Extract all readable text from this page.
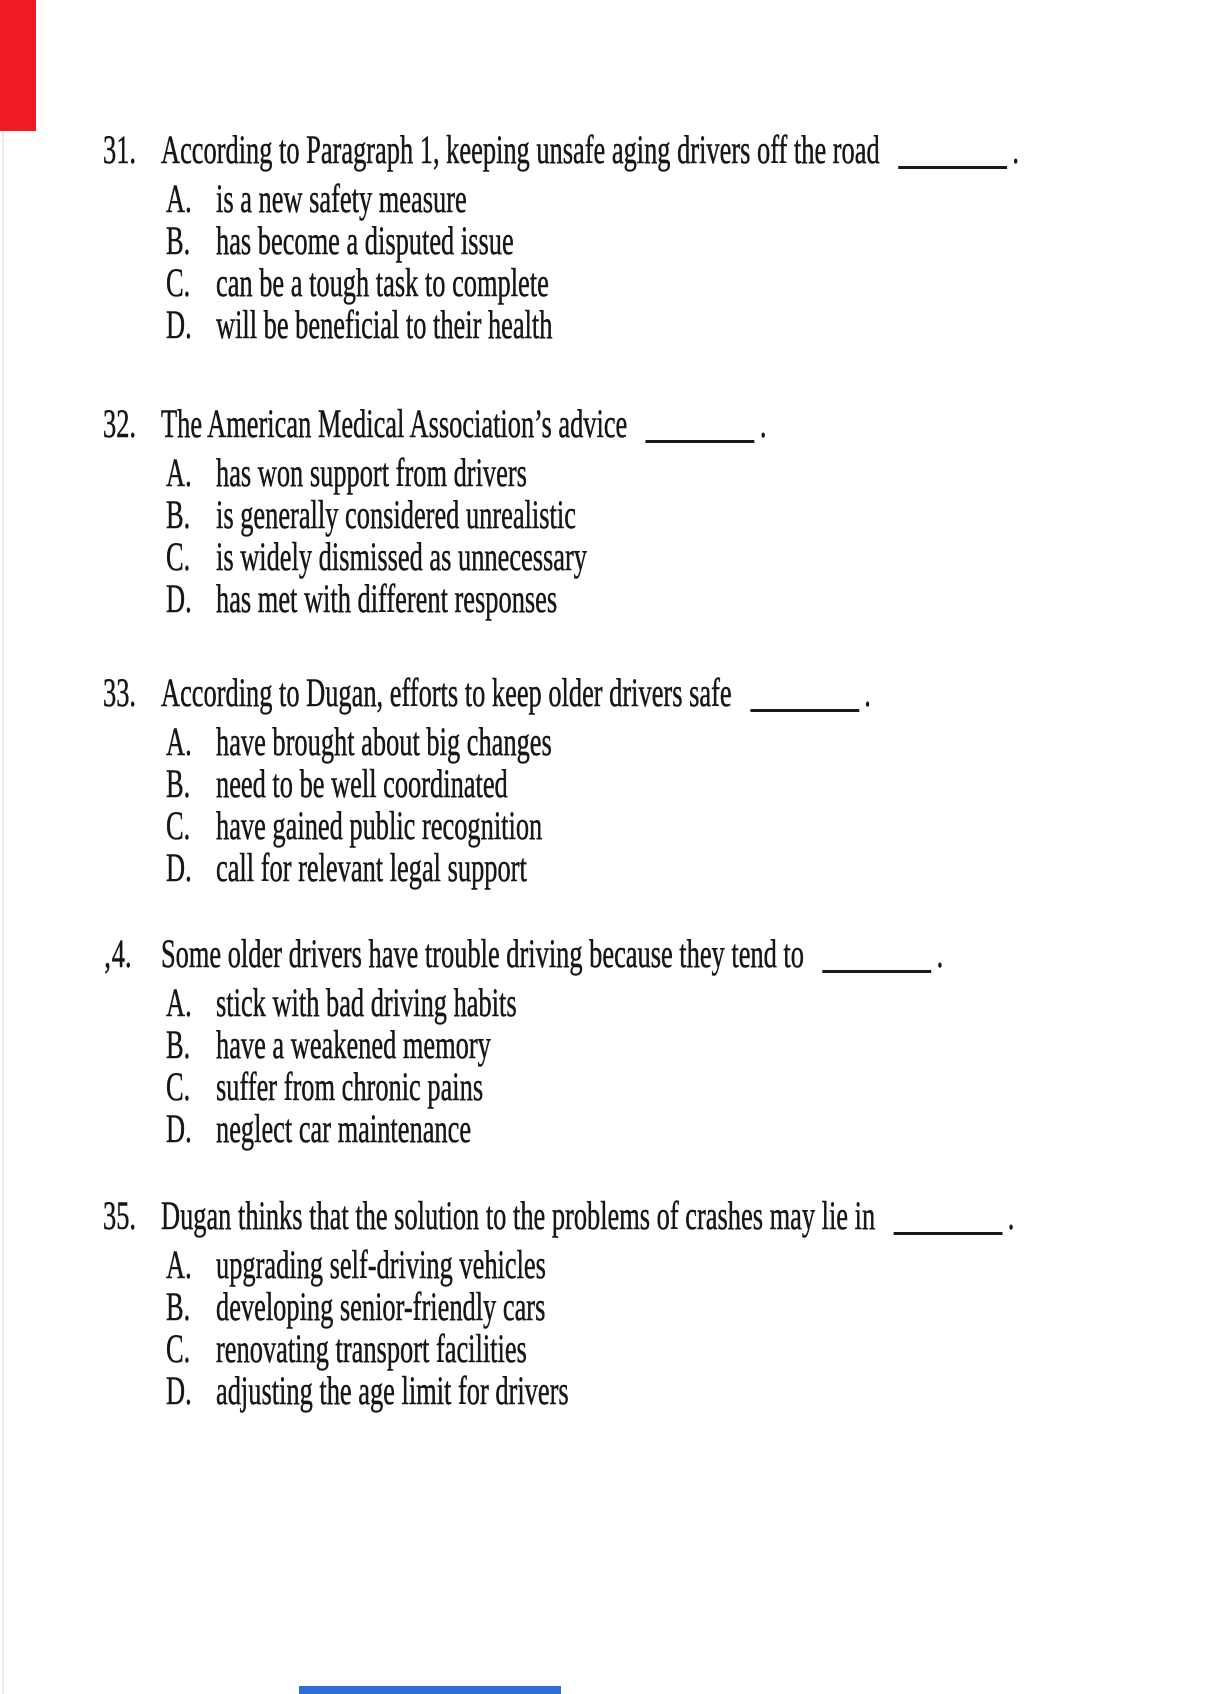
31. According to Paragraph 1, keeping unsafe aging drivers off the road	.
A. is a new safety measure
B. has become a disputed issue
C. can be a tough task to complete
D. will be beneficial to their health
32. The American Medical Association’s advice	.
A. has won support from drivers
B. is generally considered unrealistic
C. is widely dismissed as unnecessary
D. has met with different responses
33. According to Dugan, efforts to keep older drivers safe	.
A. have brought about big changes
B. need to be well coordinated
C. have gained public recognition
D. call for relevant legal support
‚4. Some older drivers have trouble driving because they tend to	.
A. stick with bad driving habits
B. have a weakened memory
C. suffer from chronic pains
D. neglect car maintenance
35. Dugan thinks that the solution to the problems of crashes may lie in	.
A. upgrading self-driving vehicles
B. developing senior-friendly cars
C. renovating transport facilities
D. adjusting the age limit for drivers
